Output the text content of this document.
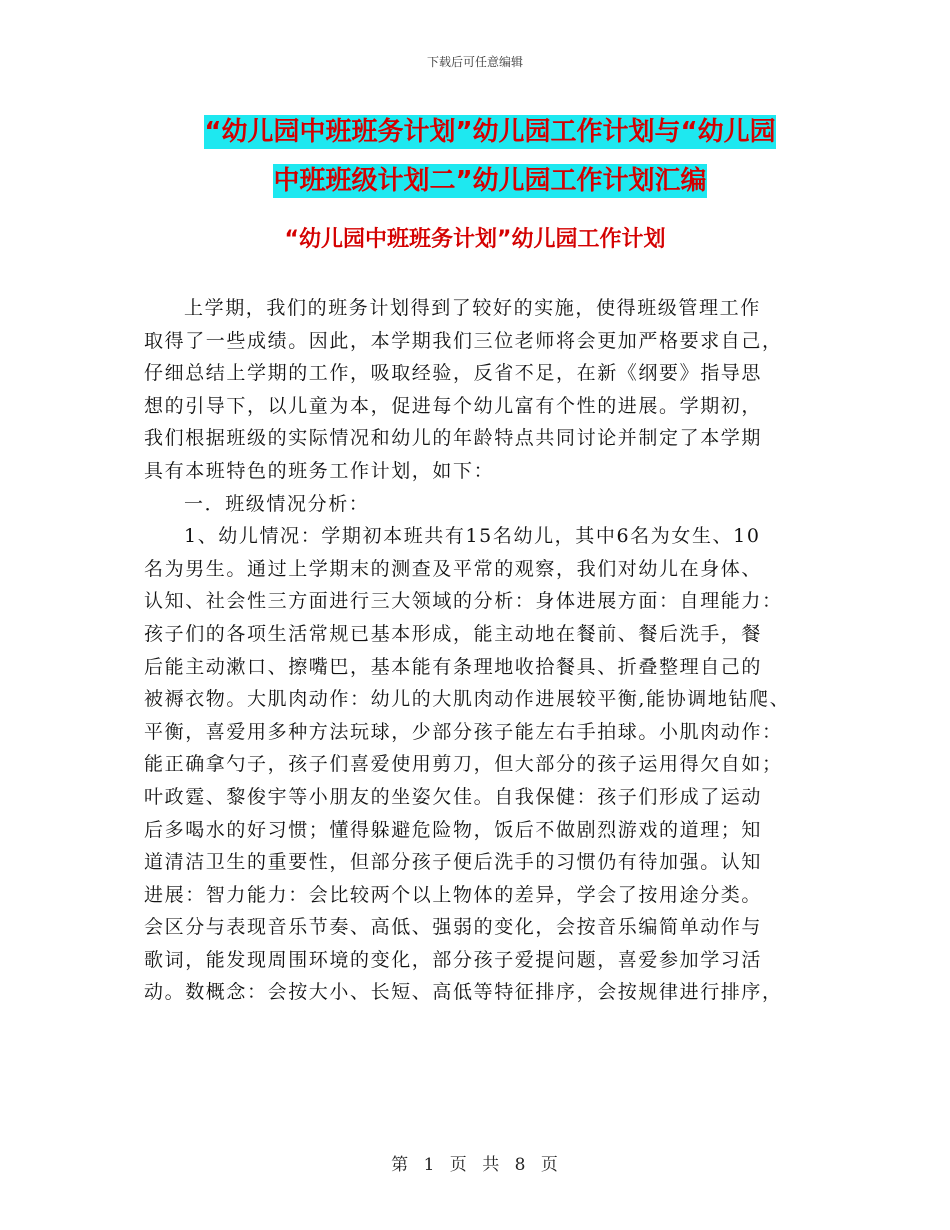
下载后可任意编辑
“幼儿园中班班务计划”幼儿园工作计划与“幼儿园
中班班级计划二”幼儿园工作计划汇编
“幼儿园中班班务计划”幼儿园工作计划
上学期，我们的班务计划得到了较好的实施，使得班级管理工作
取得了一些成绩。因此，本学期我们三位老师将会更加严格要求自己，
仔细总结上学期的工作，吸取经验，反省不足，在新《纲要》指导思
想的引导下，以儿童为本，促进每个幼儿富有个性的进展。学期初，
我们根据班级的实际情况和幼儿的年龄特点共同讨论并制定了本学期
具有本班特色的班务工作计划，如下：
一．班级情况分析：
1、幼儿情况：学期初本班共有15名幼儿，其中6名为女生、10
名为男生。通过上学期末的测查及平常的观察，我们对幼儿在身体、
认知、社会性三方面进行三大领域的分析：身体进展方面：自理能力：
孩子们的各项生活常规已基本形成，能主动地在餐前、餐后洗手，餐
后能主动漱口、擦嘴巴，基本能有条理地收拾餐具、折叠整理自己的
被褥衣物。大肌肉动作：幼儿的大肌肉动作进展较平衡,能协调地钻爬、
平衡，喜爱用多种方法玩球，少部分孩子能左右手拍球。小肌肉动作：
能正确拿勺子，孩子们喜爱使用剪刀，但大部分的孩子运用得欠自如；
叶政霆、黎俊宇等小朋友的坐姿欠佳。自我保健：孩子们形成了运动
后多喝水的好习惯；懂得躲避危险物，饭后不做剧烈游戏的道理；知
道清洁卫生的重要性，但部分孩子便后洗手的习惯仍有待加强。认知
进展：智力能力：会比较两个以上物体的差异，学会了按用途分类。
会区分与表现音乐节奏、高低、强弱的变化，会按音乐编简单动作与
歌词，能发现周围环境的变化，部分孩子爱提问题，喜爱参加学习活
动。数概念：会按大小、长短、高低等特征排序，会按规律进行排序，
第 1 页 共 8 页
